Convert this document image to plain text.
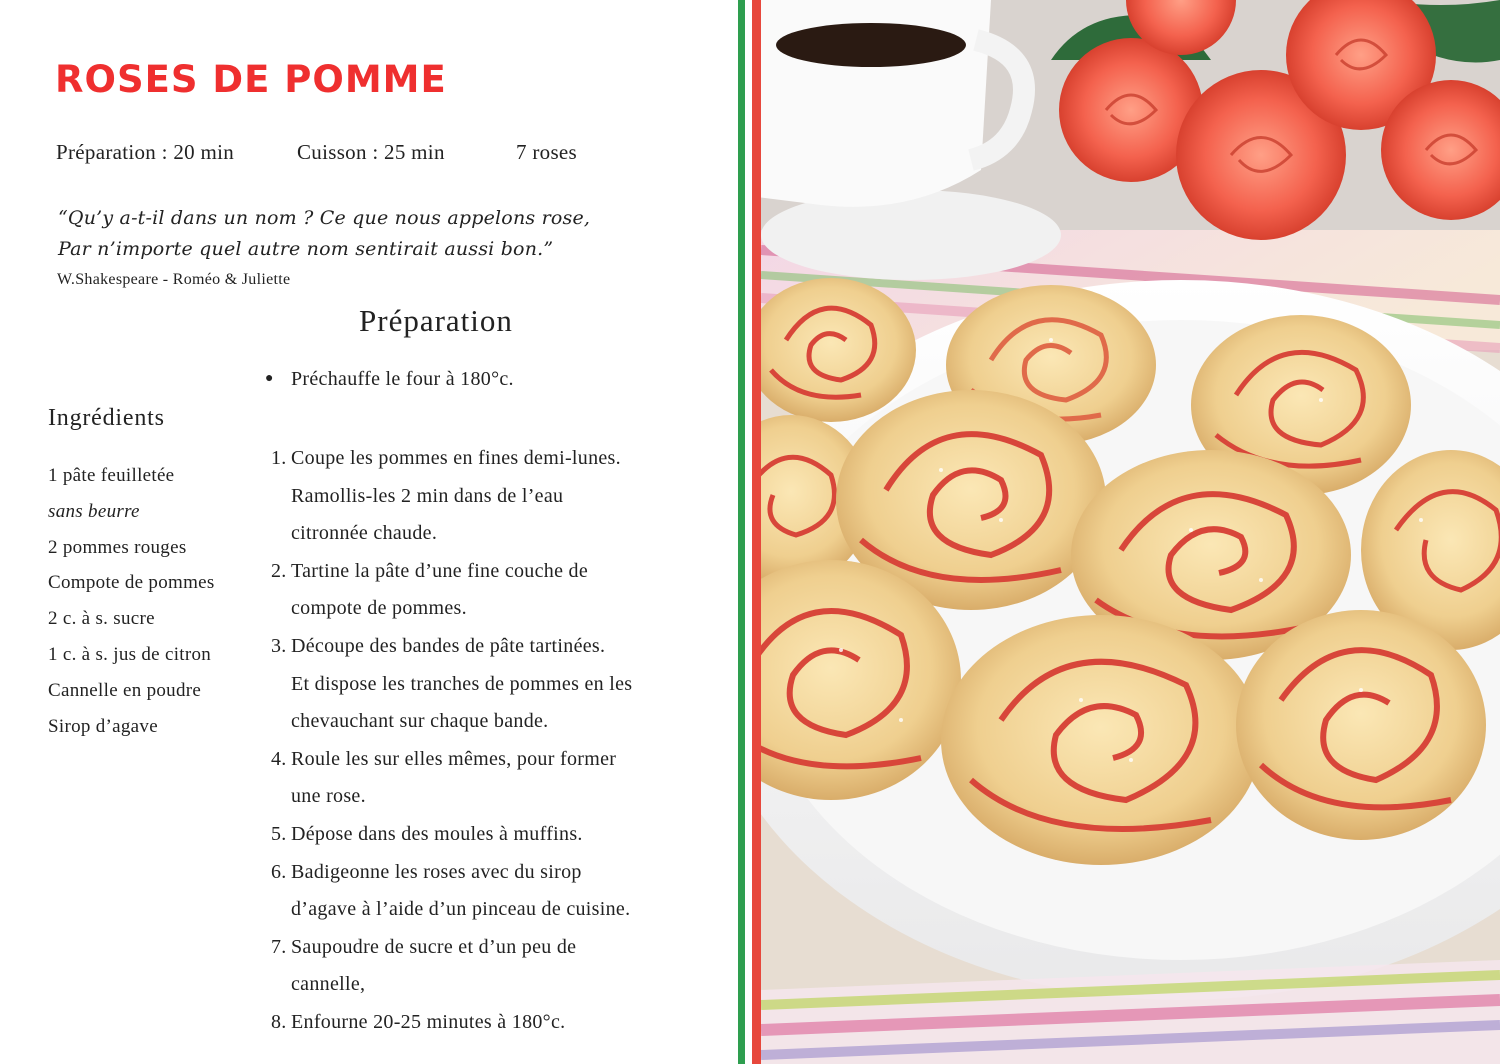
ROSES DE POMME
Préparation : 20 min	Cuisson : 25 min	7 roses
“Qu’y a-t-il dans un nom ? Ce que nous appelons rose,
Par n’importe quel autre nom sentirait aussi bon.”
W.Shakespeare - Roméo & Juliette
Préparation
● Préchauffe le four à 180°c.
Ingrédients
1 pâte feuilletée
sans beurre
2 pommes rouges
Compote de pommes
2 c. à s. sucre
1 c. à s. jus de citron
Cannelle en poudre
Sirop d’agave
1. Coupe les pommes en fines demi-lunes.
Ramollis-les 2 min dans de l’eau
citronnée chaude.
2. Tartine la pâte d’une fine couche de
compote de pommes.
3. Découpe des bandes de pâte tartinées.
Et dispose les tranches de pommes en les
chevauchant sur chaque bande.
4. Roule les sur elles mêmes, pour former
une rose.
5. Dépose dans des moules à muffins.
6. Badigeonne les roses avec du sirop
d’agave à l’aide d’un pinceau de cuisine.
7. Saupoudre de sucre et d’un peu de
cannelle,
8. Enfourne 20-25 minutes à 180°c.
